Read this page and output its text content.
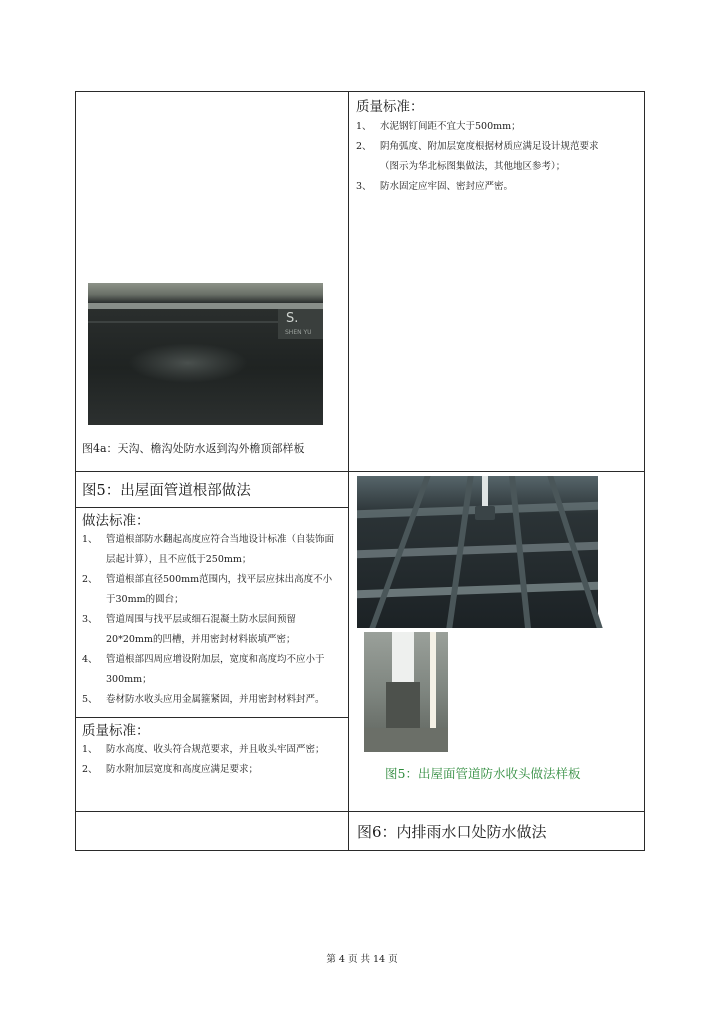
S.
SHEN YU
图4a：天沟、檐沟处防水返到沟外檐顶部样板
质量标准：
1、 水泥钢钉间距不宜大于500mm；
2、 阴角弧度、附加层宽度根据材质应满足设计规范要求
（图示为华北标图集做法，其他地区参考）；
3、 防水固定应牢固、密封应严密。
图5：出屋面管道根部做法
做法标准：
1、 管道根部防水翻起高度应符合当地设计标准（自装饰面层起计算），且不应低于250mm；
2、 管道根部直径500mm范围内，找平层应抹出高度不小于30mm的圆台；
3、 管道周围与找平层或细石混凝土防水层间预留20*20mm的凹槽，并用密封材料嵌填严密；
4、 管道根部四周应增设附加层，宽度和高度均不应小于300mm；
5、 卷材防水收头应用金属箍紧固，并用密封材料封严。
质量标准：
1、 防水高度、收头符合规范要求，并且收头牢固严密；
2、 防水附加层宽度和高度应满足要求；	图5：出屋面管道防水收头做法样板
图6：内排雨水口处防水做法
第 4 页 共 14 页
